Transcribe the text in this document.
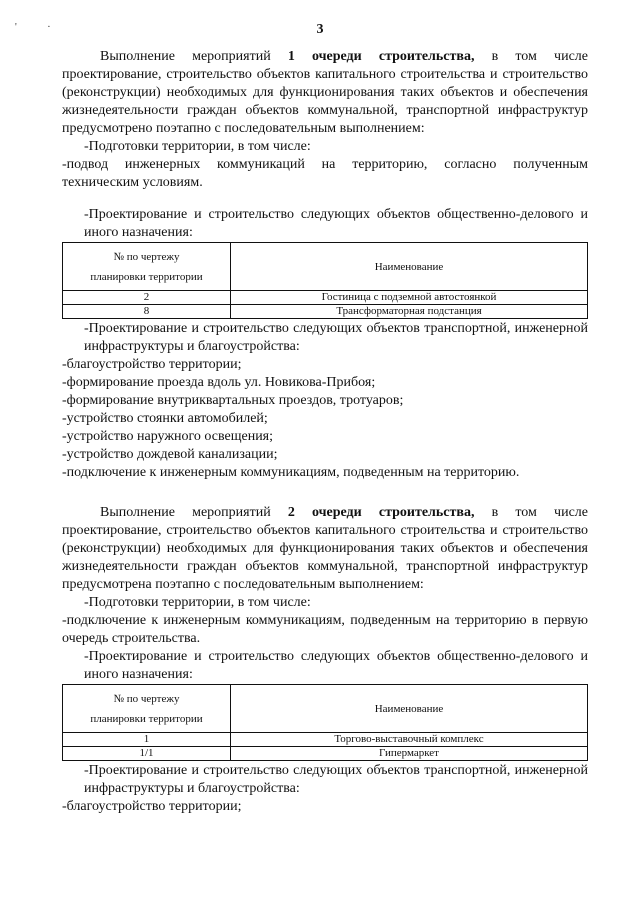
' ·	3

Выполнение мероприятий 1 очереди строительства, в том числе проектирование, строительство объектов капитального строительства и строительство (реконструкции) необходимых для функционирования таких объектов и обеспечения жизнедеятельности граждан объектов коммунальной, транспортной инфраструктур предусмотрено поэтапно с последовательным выполнением:

-Подготовки территории, в том числе:

-подвод инженерных коммуникаций на территорию, согласно полученным техническим условиям.

-Проектирование и строительство следующих объектов общественно-делового и иного назначения:

№ по чертежу
планировки территории	Наименование
2	Гостиница с подземной автостоянкой
8	Трансформаторная подстанция

-Проектирование и строительство следующих объектов транспортной, инженерной инфраструктуры и благоустройства:

-благоустройство территории;

-формирование проезда вдоль ул. Новикова-Прибоя;

-формирование внутриквартальных проездов, тротуаров;

-устройство стоянки автомобилей;

-устройство наружного освещения;

-устройство дождевой канализации;

-подключение к инженерным коммуникациям, подведенным на территорию.

Выполнение мероприятий 2 очереди строительства, в том числе проектирование, строительство объектов капитального строительства и строительство (реконструкции) необходимых для функционирования таких объектов и обеспечения жизнедеятельности граждан объектов коммунальной, транспортной инфраструктур предусмотрена поэтапно с последовательным выполнением:

-Подготовки территории, в том числе:

-подключение к инженерным коммуникациям, подведенным на территорию в первую очередь строительства.

-Проектирование и строительство следующих объектов общественно-делового и иного назначения:

№ по чертежу
планировки территории	Наименование
1	Торгово-выставочный комплекс
1/1	Гипермаркет

-Проектирование и строительство следующих объектов транспортной, инженерной инфраструктуры и благоустройства:

-благоустройство территории;
